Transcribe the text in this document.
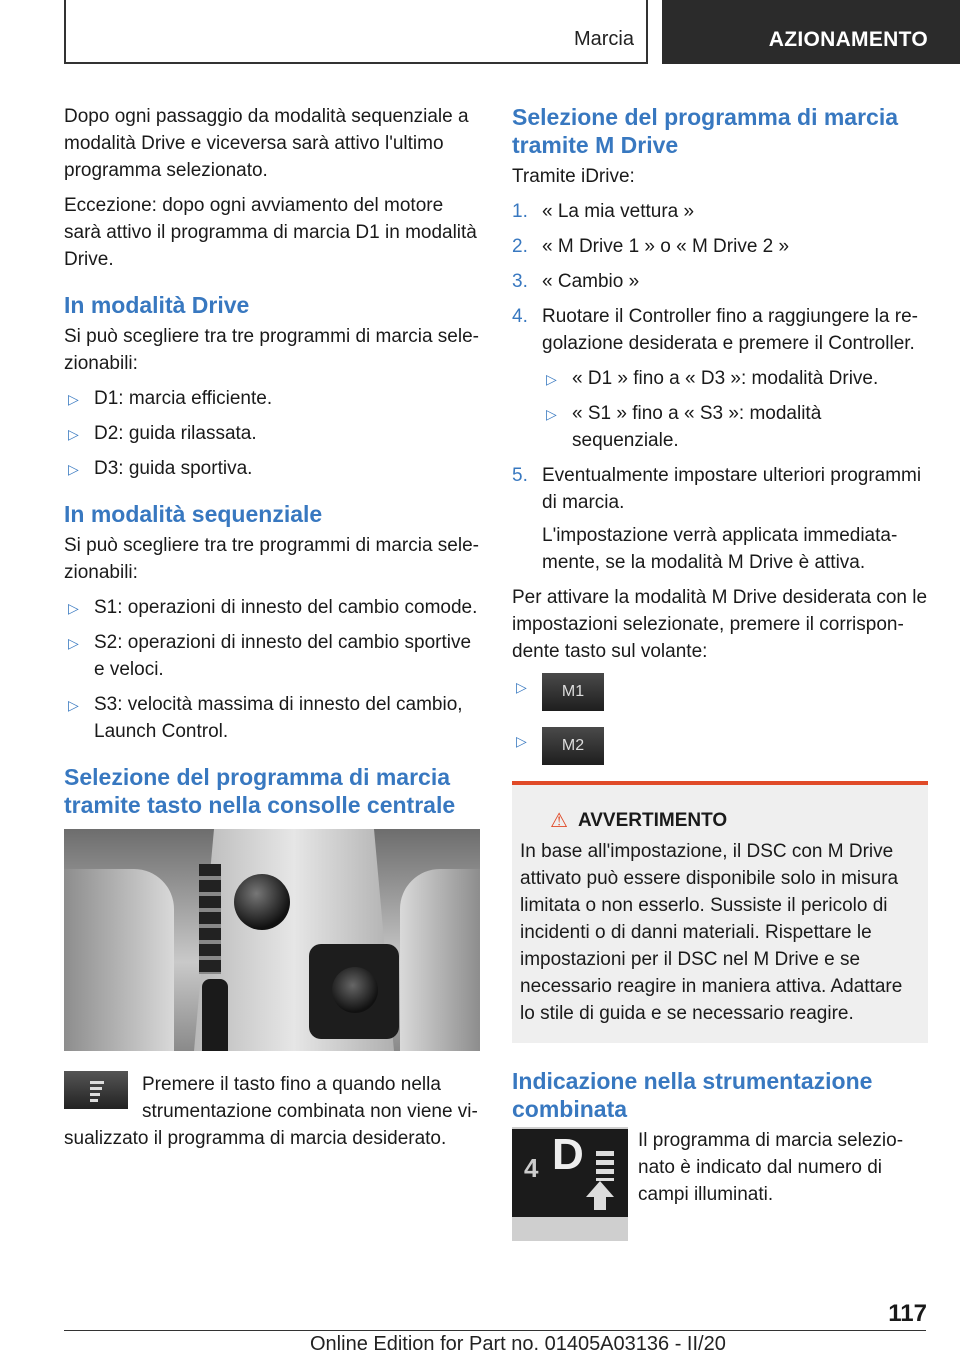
Marcia	AZIONAMENTO

Dopo ogni passaggio da modalità sequenziale a modalità Drive e viceversa sarà attivo l'ultimo programma selezionato.

Eccezione: dopo ogni avviamento del motore sarà attivo il programma di marcia D1 in modalità Drive.

In modalità Drive

Si può scegliere tra tre programmi di marcia selezionabili:

▷ D1: marcia efficiente.
▷ D2: guida rilassata.
▷ D3: guida sportiva.
In modalità sequenziale

Si può scegliere tra tre programmi di marcia selezionabili:

▷ S1: operazioni di innesto del cambio comode.
▷ S2: operazioni di innesto del cambio sportive e veloci.
▷ S3: velocità massima di innesto del cambio, Launch Control.
Selezione del programma di marcia tramite tasto nella consolle centrale
Premere il tasto fino a quando nella strumentazione combinata non viene visualizzato il programma di marcia desiderato.
Selezione del programma di marcia tramite M Drive

Tramite iDrive:

1. « La mia vettura »
2. « M Drive 1 » o « M Drive 2 »
3. « Cambio »
4. Ruotare il Controller fino a raggiungere la regolazione desiderata e premere il Controller.
▷ « D1 » fino a « D3 »: modalità Drive.
▷ « S1 » fino a « S3 »: modalità sequenziale.
5. Eventualmente impostare ulteriori programmi di marcia.
L'impostazione verrà applicata immediatamente, se la modalità M Drive è attiva.

Per attivare la modalità M Drive desiderata con le impostazioni selezionate, premere il corrispondente tasto sul volante:

▷ M1
▷ M2
⚠ AVVERTIMENTO
In base all'impostazione, il DSC con M Drive attivato può essere disponibile solo in misura limitata o non esserlo. Sussiste il pericolo di incidenti o di danni materiali. Rispettare le impostazioni per il DSC nel M Drive e se necessario reagire in maniera attiva. Adattare lo stile di guida e se necessario reagire.
Indicazione nella strumentazione combinata
4 D	Il programma di marcia selezionato è indicato dal numero di campi illuminati.
117
Online Edition for Part no. 01405A03136 - II/20
